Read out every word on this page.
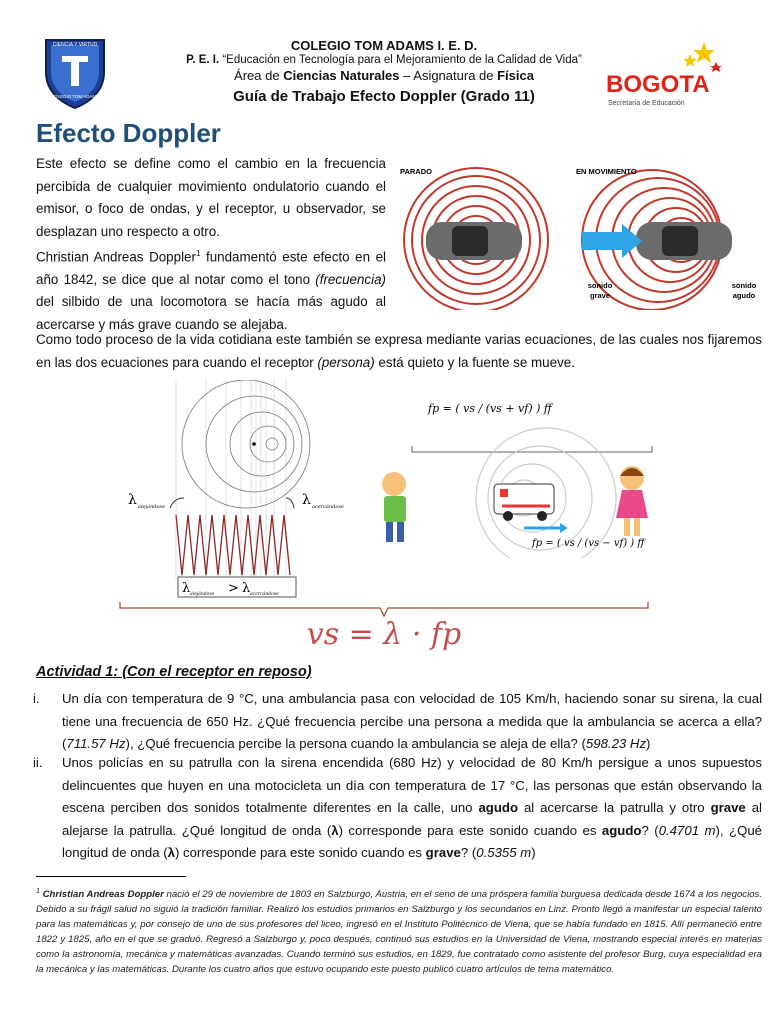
CIENCIA Y VIRTUD
COLEGIO TOM ADAMS
COLEGIO TOM ADAMS I. E. D.
P. E. I. “Educación en Tecnología para el Mejoramiento de la Calidad de Vida”
Área de Ciencias Naturales – Asignatura de Física
Guía de Trabajo Efecto Doppler (Grado 11)	BOGOTA
Secretaría de Educación
Efecto Doppler
Este efecto se define como el cambio en la frecuencia percibida de cualquier movimiento ondulatorio cuando el emisor, o foco de ondas, y el receptor, u observador, se desplazan uno respecto a otro.
Christian Andreas Doppler$^1$ fundamentó este efecto en el año 1842, se dice que al notar como el tono (frecuencia) del silbido de una locomotora se hacía más agudo al acercarse y más grave cuando se alejaba.
PARADO	EN MOVIMIENTO
sonido
grave
sonido
agudo
Como todo proceso de la vida cotidiana este también se expresa mediante varias ecuaciones, de las cuales nos fijaremos en las dos ecuaciones para cuando el receptor (persona) está quieto y la fuente se mueve.
λ alejándose	λ acercándose
λ alejándose > λ acercándose
fp = ( vs / (vs + vf) ) ff
fp = ( vs / (vs − vf) ) ff
vs = λ · fp
Actividad 1: (Con el receptor en reposo)
i. Un día con temperatura de 9 °C, una ambulancia pasa con velocidad de 105 Km/h, haciendo sonar su sirena, la cual tiene una frecuencia de 650 Hz. ¿Qué frecuencia percibe una persona a medida que la ambulancia se acerca a ella? (711.57 Hz), ¿Qué frecuencia percibe la persona cuando la ambulancia se aleja de ella? (598.23 Hz)
ii. Unos policías en su patrulla con la sirena encendida (680 Hz) y velocidad de 80 Km/h persigue a unos supuestos delincuentes que huyen en una motocicleta un día con temperatura de 17 °C, las personas que están observando la escena perciben dos sonidos totalmente diferentes en la calle, uno agudo al acercarse la patrulla y otro grave al alejarse la patrulla. ¿Qué longitud de onda (λ) corresponde para este sonido cuando es agudo? (0.4701 m), ¿Qué longitud de onda (λ) corresponde para este sonido cuando es grave? (0.5355 m)
$^1$ Christian Andreas Doppler nació el 29 de noviembre de 1803 en Salzburgo, Austria, en el seno de una próspera familia burguesa dedicada desde 1674 a los negocios. Debido a su frágil salud no siguió la tradición familiar. Realizó los estudios primarios en Salzburgo y los secundarios en Linz. Pronto llegó a manifestar un especial talento para las matemáticas y, por consejo de uno de sus profesores del liceo, ingresó en el Instituto Politécnico de Viena, que se había fundado en 1815. Allí permaneció entre 1822 y 1825, año en el que se graduó. Regresó a Salzburgo y, poco después, continuó sus estudios en la Universidad de Viena, mostrando especial interés en materias como la astronomía, mecánica y matemáticas avanzadas. Cuando terminó sus estudios, en 1829, fue contratado como asistente del profesor Burg, cuya especialidad era la mecánica y las matemáticas. Durante los cuatro años que estuvo ocupando este puesto publicó cuatro artículos de tema matemático.
